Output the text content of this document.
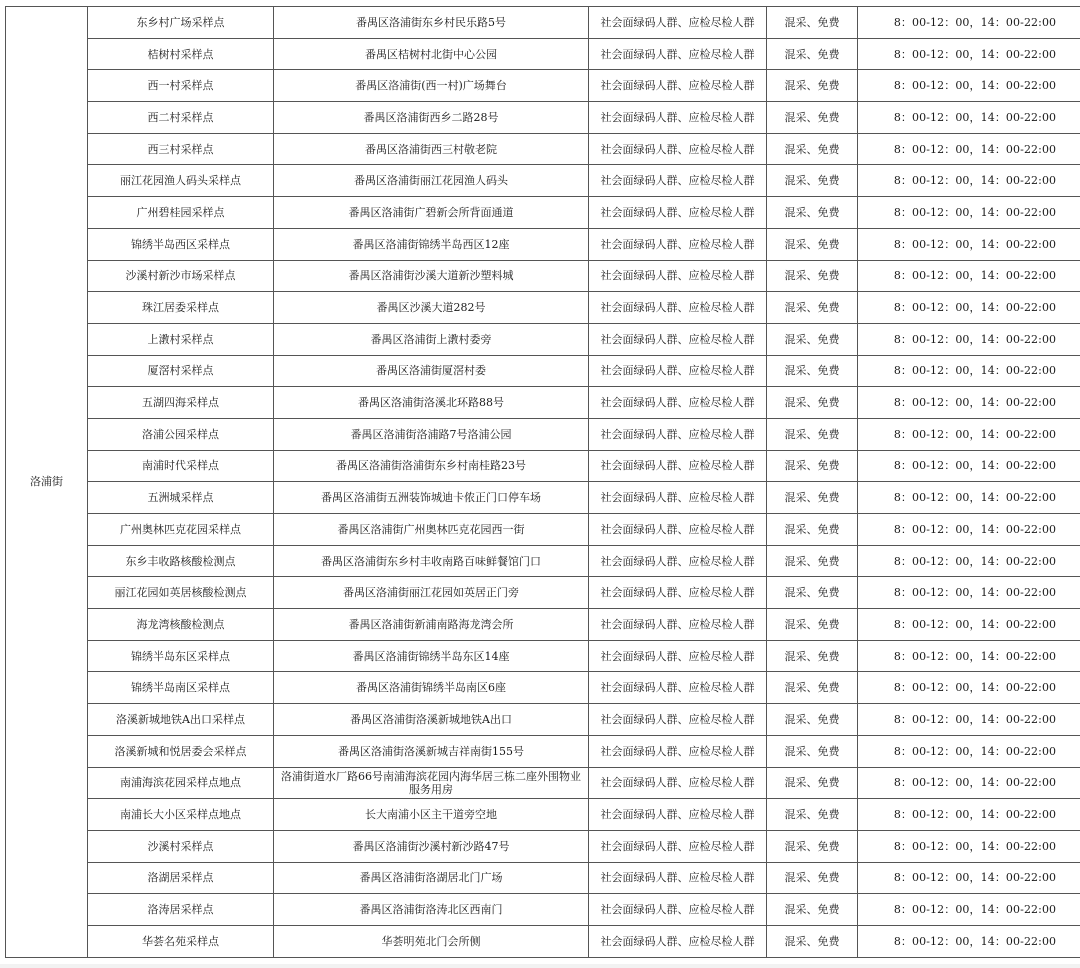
洛浦街	东乡村广场采样点	番禺区洛浦街东乡村民乐路5号	社会面绿码人群、应检尽检人群	混采、免费	8：00-12：00，14：00-22:00
	桔树村采样点	番禺区桔树村北街中心公园	社会面绿码人群、应检尽检人群	混采、免费	8：00-12：00，14：00-22:00
	西一村采样点	番禺区洛浦街(西一村)广场舞台	社会面绿码人群、应检尽检人群	混采、免费	8：00-12：00，14：00-22:00
	西二村采样点	番禺区洛浦街西乡二路28号	社会面绿码人群、应检尽检人群	混采、免费	8：00-12：00，14：00-22:00
	西三村采样点	番禺区洛浦街西三村敬老院	社会面绿码人群、应检尽检人群	混采、免费	8：00-12：00，14：00-22:00
	丽江花园渔人码头采样点	番禺区洛浦街丽江花园渔人码头	社会面绿码人群、应检尽检人群	混采、免费	8：00-12：00，14：00-22:00
	广州碧桂园采样点	番禺区洛浦街广碧新会所背面通道	社会面绿码人群、应检尽检人群	混采、免费	8：00-12：00，14：00-22:00
	锦绣半岛西区采样点	番禺区洛浦街锦绣半岛西区12座	社会面绿码人群、应检尽检人群	混采、免费	8：00-12：00，14：00-22:00
	沙溪村新沙市场采样点	番禺区洛浦街沙溪大道新沙塑料城	社会面绿码人群、应检尽检人群	混采、免费	8：00-12：00，14：00-22:00
	珠江居委采样点	番禺区沙溪大道282号	社会面绿码人群、应检尽检人群	混采、免费	8：00-12：00，14：00-22:00
	上漖村采样点	番禺区洛浦街上漖村委旁	社会面绿码人群、应检尽检人群	混采、免费	8：00-12：00，14：00-22:00
	厦滘村采样点	番禺区洛浦街厦滘村委	社会面绿码人群、应检尽检人群	混采、免费	8：00-12：00，14：00-22:00
	五湖四海采样点	番禺区洛浦街洛溪北环路88号	社会面绿码人群、应检尽检人群	混采、免费	8：00-12：00，14：00-22:00
	洛浦公园采样点	番禺区洛浦街洛浦路7号洛浦公园	社会面绿码人群、应检尽检人群	混采、免费	8：00-12：00，14：00-22:00
	南浦时代采样点	番禺区洛浦街洛浦街东乡村南桂路23号	社会面绿码人群、应检尽检人群	混采、免费	8：00-12：00，14：00-22:00
	五洲城采样点	番禺区洛浦街五洲装饰城迪卡侬正门口停车场	社会面绿码人群、应检尽检人群	混采、免费	8：00-12：00，14：00-22:00
	广州奥林匹克花园采样点	番禺区洛浦街广州奥林匹克花园西一街	社会面绿码人群、应检尽检人群	混采、免费	8：00-12：00，14：00-22:00
	东乡丰收路核酸检测点	番禺区洛浦街东乡村丰收南路百味鲜餐馆门口	社会面绿码人群、应检尽检人群	混采、免费	8：00-12：00，14：00-22:00
	丽江花园如英居核酸检测点	番禺区洛浦街丽江花园如英居正门旁	社会面绿码人群、应检尽检人群	混采、免费	8：00-12：00，14：00-22:00
	海龙湾核酸检测点	番禺区洛浦街新浦南路海龙湾会所	社会面绿码人群、应检尽检人群	混采、免费	8：00-12：00，14：00-22:00
	锦绣半岛东区采样点	番禺区洛浦街锦绣半岛东区14座	社会面绿码人群、应检尽检人群	混采、免费	8：00-12：00，14：00-22:00
	锦绣半岛南区采样点	番禺区洛浦街锦绣半岛南区6座	社会面绿码人群、应检尽检人群	混采、免费	8：00-12：00，14：00-22:00
	洛溪新城地铁A出口采样点	番禺区洛浦街洛溪新城地铁A出口	社会面绿码人群、应检尽检人群	混采、免费	8：00-12：00，14：00-22:00
	洛溪新城和悦居委会采样点	番禺区洛浦街洛溪新城吉祥南街155号	社会面绿码人群、应检尽检人群	混采、免费	8：00-12：00，14：00-22:00
	南浦海滨花园采样点地点	洛浦街道水厂路66号南浦海滨花园内海华居三栋二座外围物业服务用房	社会面绿码人群、应检尽检人群	混采、免费	8：00-12：00，14：00-22:00
	南浦长大小区采样点地点	长大南浦小区主干道旁空地	社会面绿码人群、应检尽检人群	混采、免费	8：00-12：00，14：00-22:00
	沙溪村采样点	番禺区洛浦街沙溪村新沙路47号	社会面绿码人群、应检尽检人群	混采、免费	8：00-12：00，14：00-22:00
	洛湖居采样点	番禺区洛浦街洛湖居北门广场	社会面绿码人群、应检尽检人群	混采、免费	8：00-12：00，14：00-22:00
	洛涛居采样点	番禺区洛浦街洛涛北区西南门	社会面绿码人群、应检尽检人群	混采、免费	8：00-12：00，14：00-22:00
	华荟名苑采样点	华荟明苑北门会所侧	社会面绿码人群、应检尽检人群	混采、免费	8：00-12：00，14：00-22:00
